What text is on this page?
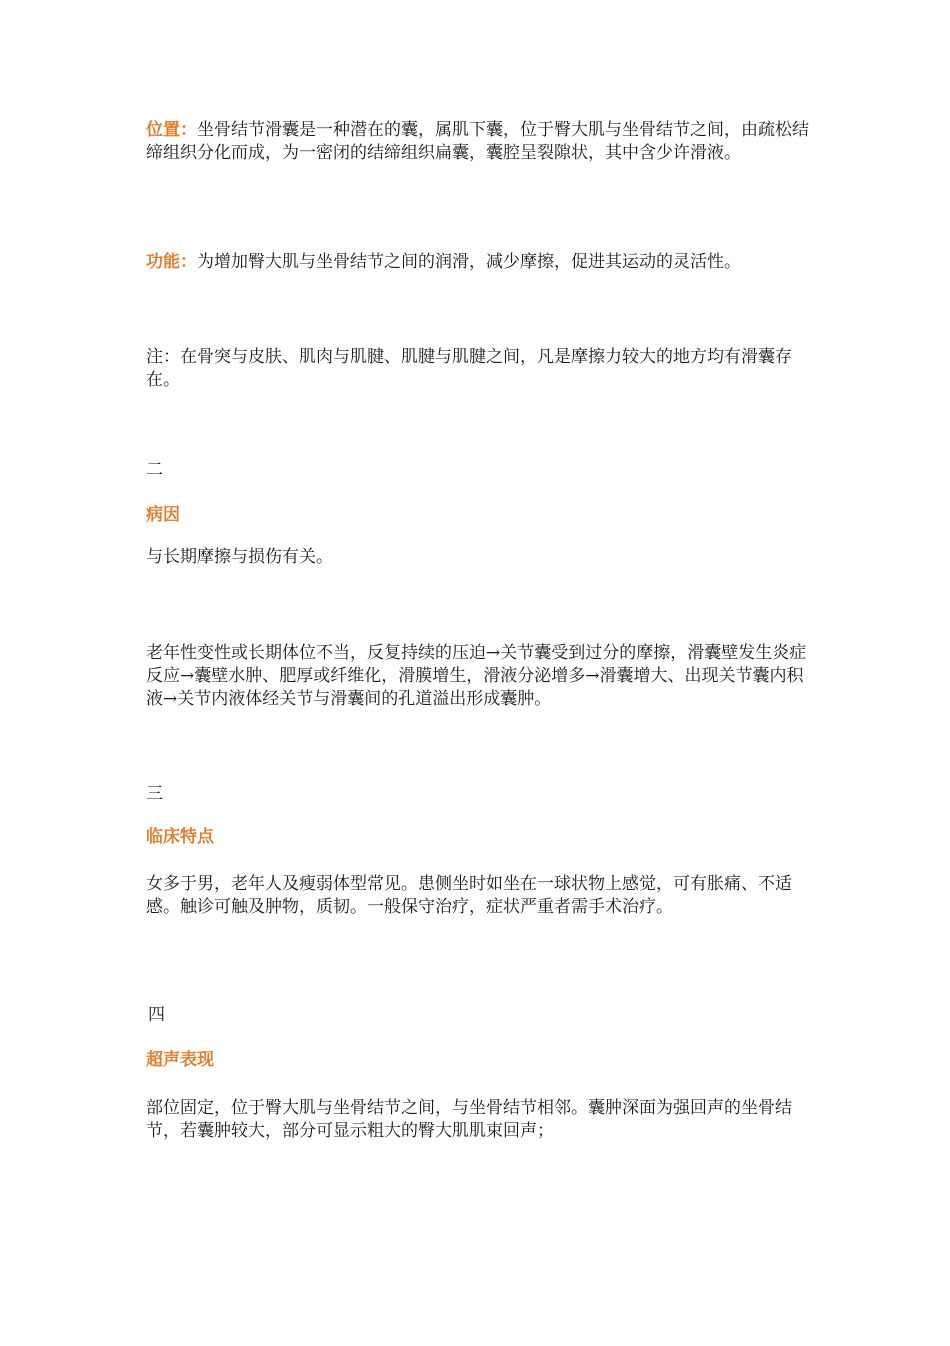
位置：坐骨结节滑囊是一种潜在的囊，属肌下囊，位于臀大肌与坐骨结节之间，由疏松结缔组织分化而成，为一密闭的结缔组织扁囊，囊腔呈裂隙状，其中含少许滑液。

功能：为增加臀大肌与坐骨结节之间的润滑，减少摩擦，促进其运动的灵活性。

注：在骨突与皮肤、肌肉与肌腱、肌腱与肌腱之间，凡是摩擦力较大的地方均有滑囊存在。

二

病因

与长期摩擦与损伤有关。

老年性变性或长期体位不当，反复持续的压迫→关节囊受到过分的摩擦，滑囊壁发生炎症反应→囊壁水肿、肥厚或纤维化，滑膜增生，滑液分泌增多→滑囊增大、出现关节囊内积液→关节内液体经关节与滑囊间的孔道溢出形成囊肿。

三

临床特点

女多于男，老年人及瘦弱体型常见。患侧坐时如坐在一球状物上感觉，可有胀痛、不适感。触诊可触及肿物，质韧。一般保守治疗，症状严重者需手术治疗。

四

超声表现

部位固定，位于臀大肌与坐骨结节之间，与坐骨结节相邻。囊肿深面为强回声的坐骨结节，若囊肿较大，部分可显示粗大的臀大肌肌束回声；
